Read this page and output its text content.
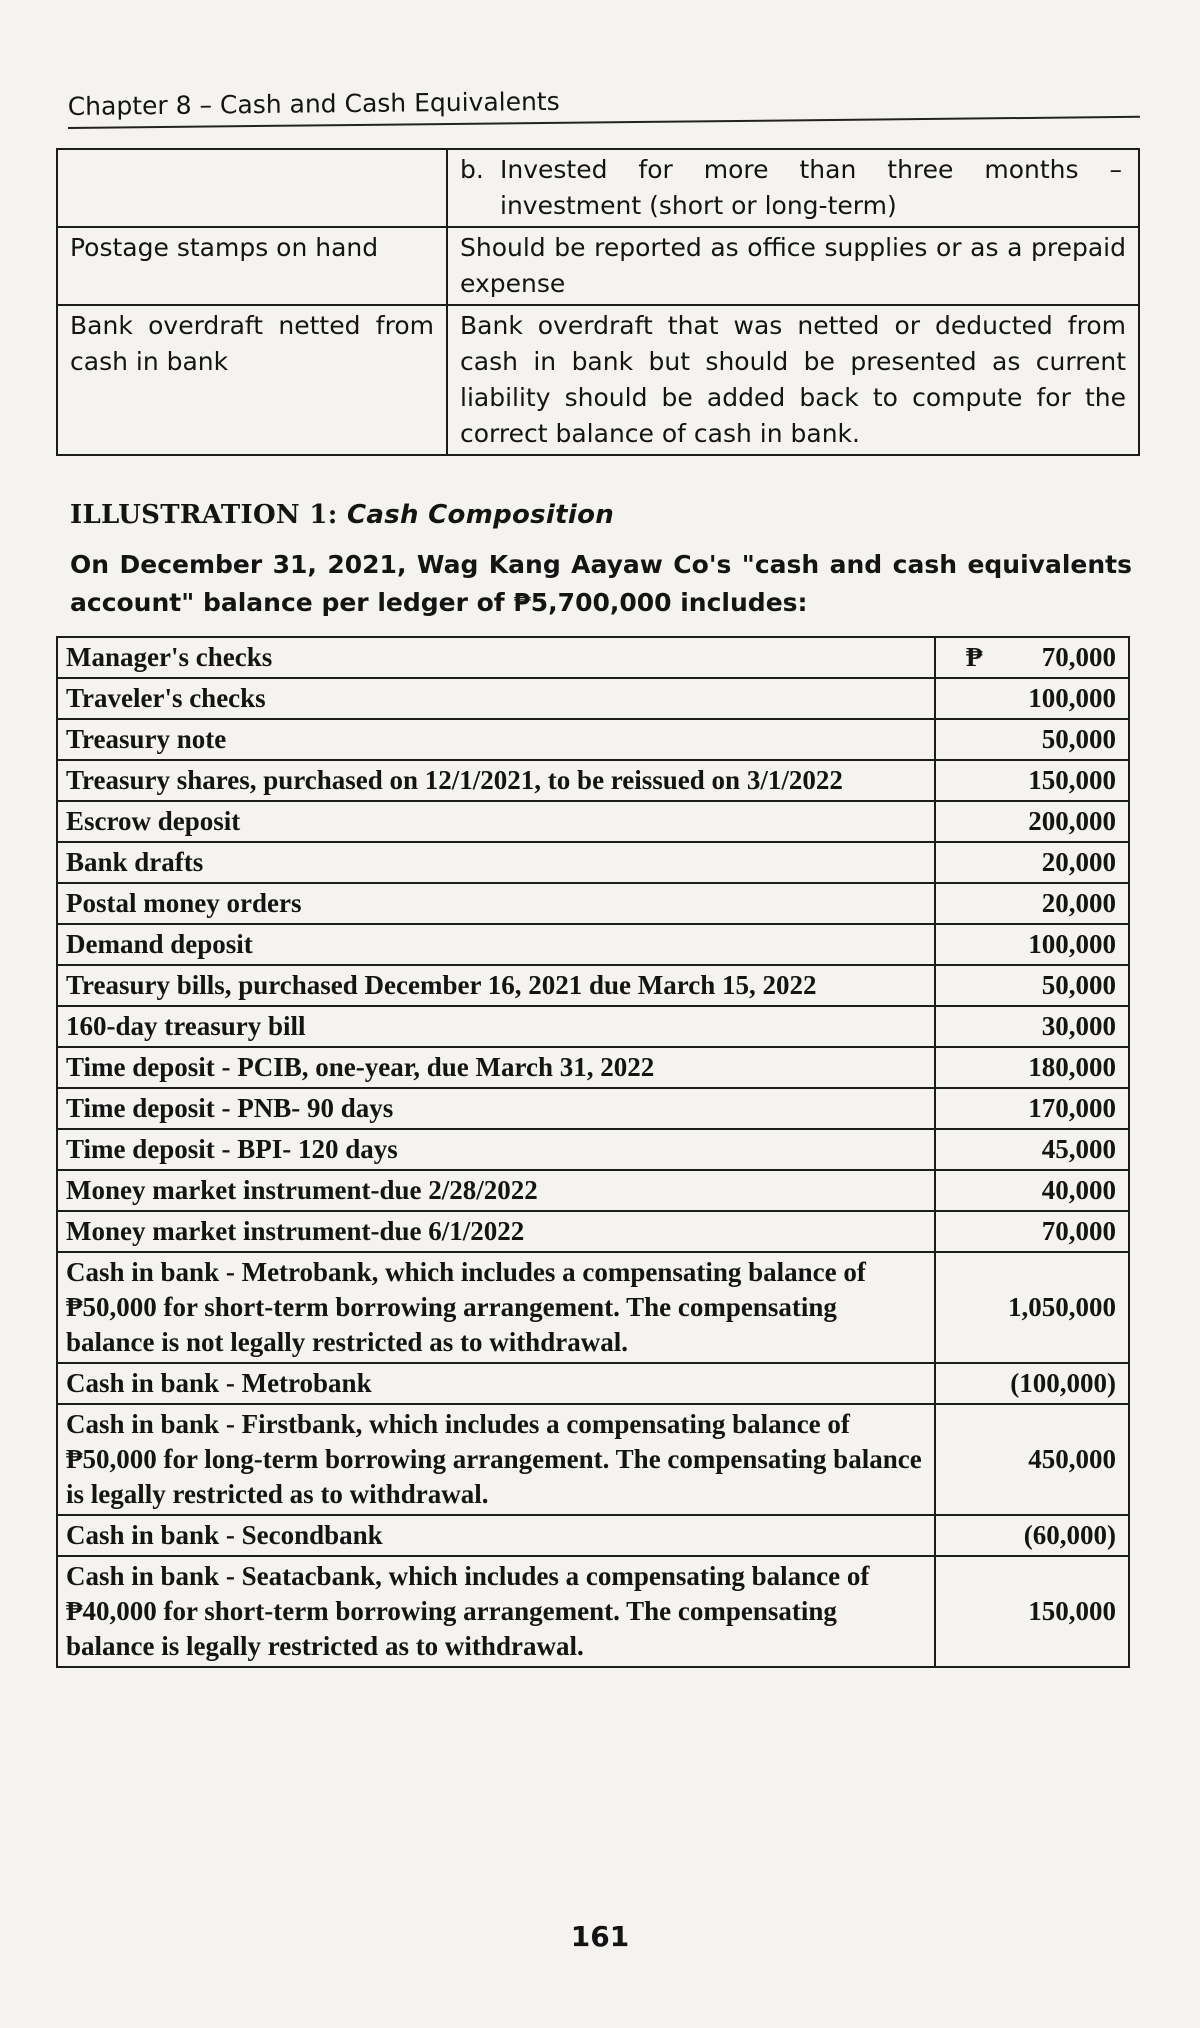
Chapter 8 – Cash and Cash Equivalents
	b. Invested for more than three months – investment (short or long-term)
Postage stamps on hand	Should be reported as office supplies or as a prepaid expense
Bank overdraft netted from cash in bank	Bank overdraft that was netted or deducted from cash in bank but should be presented as current liability should be added back to compute for the correct balance of cash in bank.
ILLUSTRATION 1: Cash Composition
On December 31, 2021, Wag Kang Aayaw Co's "cash and cash equivalents account" balance per ledger of ₱5,700,000 includes:
Manager's checks	₱ 70,000
Traveler's checks	100,000
Treasury note	50,000
Treasury shares, purchased on 12/1/2021, to be reissued on 3/1/2022	150,000
Escrow deposit	200,000
Bank drafts	20,000
Postal money orders	20,000
Demand deposit	100,000
Treasury bills, purchased December 16, 2021 due March 15, 2022	50,000
160-day treasury bill	30,000
Time deposit - PCIB, one-year, due March 31, 2022	180,000
Time deposit - PNB- 90 days	170,000
Time deposit - BPI- 120 days	45,000
Money market instrument-due 2/28/2022	40,000
Money market instrument-due 6/1/2022	70,000
Cash in bank - Metrobank, which includes a compensating balance of ₱50,000 for short-term borrowing arrangement. The compensating balance is not legally restricted as to withdrawal.	1,050,000
Cash in bank - Metrobank	(100,000)
Cash in bank - Firstbank, which includes a compensating balance of ₱50,000 for long-term borrowing arrangement. The compensating balance is legally restricted as to withdrawal.	450,000
Cash in bank - Secondbank	(60,000)
Cash in bank - Seatacbank, which includes a compensating balance of ₱40,000 for short-term borrowing arrangement. The compensating balance is legally restricted as to withdrawal.	150,000
161
